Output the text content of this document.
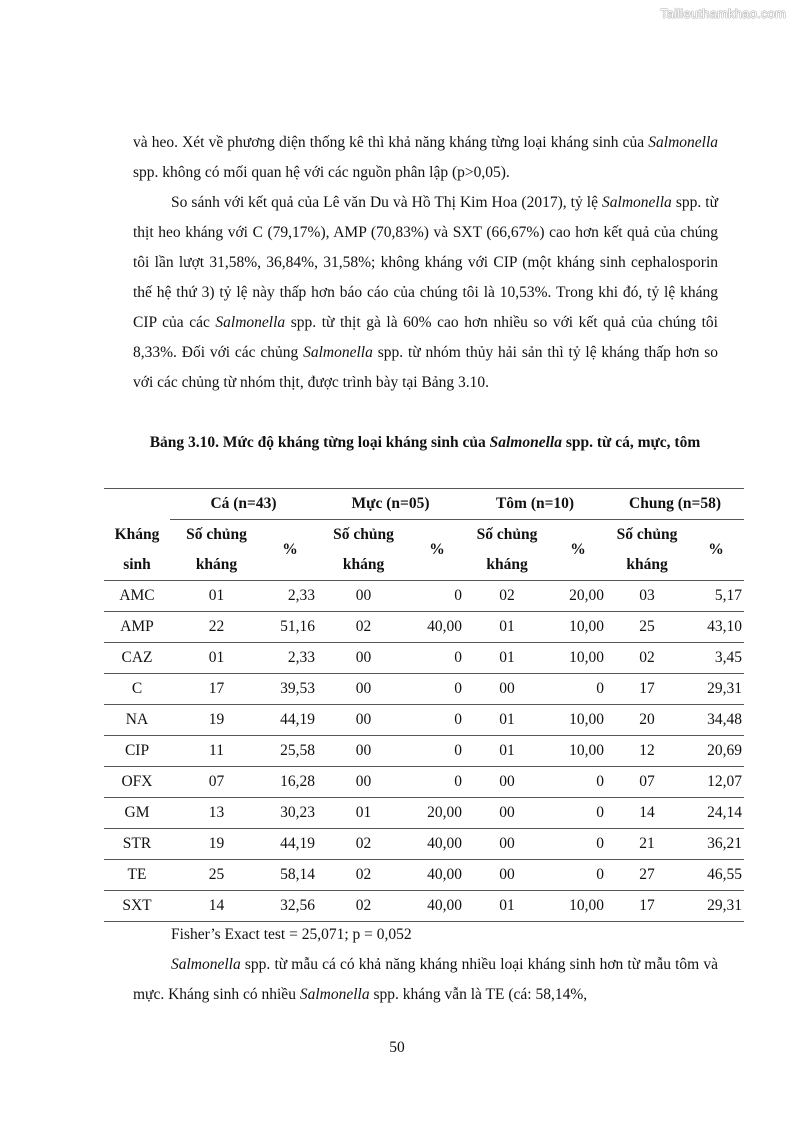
Tailieuthamkhao.com

và heo. Xét về phương diện thống kê thì khả năng kháng từng loại kháng sinh của Salmonella spp. không có mối quan hệ với các nguồn phân lập (p>0,05).

So sánh với kết quả của Lê văn Du và Hồ Thị Kim Hoa (2017), tỷ lệ Salmonella spp. từ thịt heo kháng với C (79,17%), AMP (70,83%) và SXT (66,67%) cao hơn kết quả của chúng tôi lần lượt 31,58%, 36,84%, 31,58%; không kháng với CIP (một kháng sinh cephalosporin thế hệ thứ 3) tỷ lệ này thấp hơn báo cáo của chúng tôi là 10,53%. Trong khi đó, tỷ lệ kháng CIP của các Salmonella spp. từ thịt gà là 60% cao hơn nhiều so với kết quả của chúng tôi 8,33%. Đối với các chủng Salmonella spp. từ nhóm thủy hải sản thì tỷ lệ kháng thấp hơn so với các chủng từ nhóm thịt, được trình bày tại Bảng 3.10.

Bảng 3.10. Mức độ kháng từng loại kháng sinh của Salmonella spp. từ cá, mực, tôm

	Cá (n=43)		Mực (n=05)		Tôm (n=10)		Chung (n=58)	
Kháng sinh	Số chủng kháng	%	Số chủng kháng	%	Số chủng kháng	%	Số chủng kháng	%
AMC	01	2,33	00	0	02	20,00	03	5,17
AMP	22	51,16	02	40,00	01	10,00	25	43,10
CAZ	01	2,33	00	0	01	10,00	02	3,45
C	17	39,53	00	0	00	0	17	29,31
NA	19	44,19	00	0	01	10,00	20	34,48
CIP	11	25,58	00	0	01	10,00	12	20,69
OFX	07	16,28	00	0	00	0	07	12,07
GM	13	30,23	01	20,00	00	0	14	24,14
STR	19	44,19	02	40,00	00	0	21	36,21
TE	25	58,14	02	40,00	00	0	27	46,55
SXT	14	32,56	02	40,00	01	10,00	17	29,31

Fisher’s Exact test = 25,071; p = 0,052

Salmonella spp. từ mẫu cá có khả năng kháng nhiều loại kháng sinh hơn từ mẫu tôm và mực. Kháng sinh có nhiều Salmonella spp. kháng vẫn là TE (cá: 58,14%,

50
